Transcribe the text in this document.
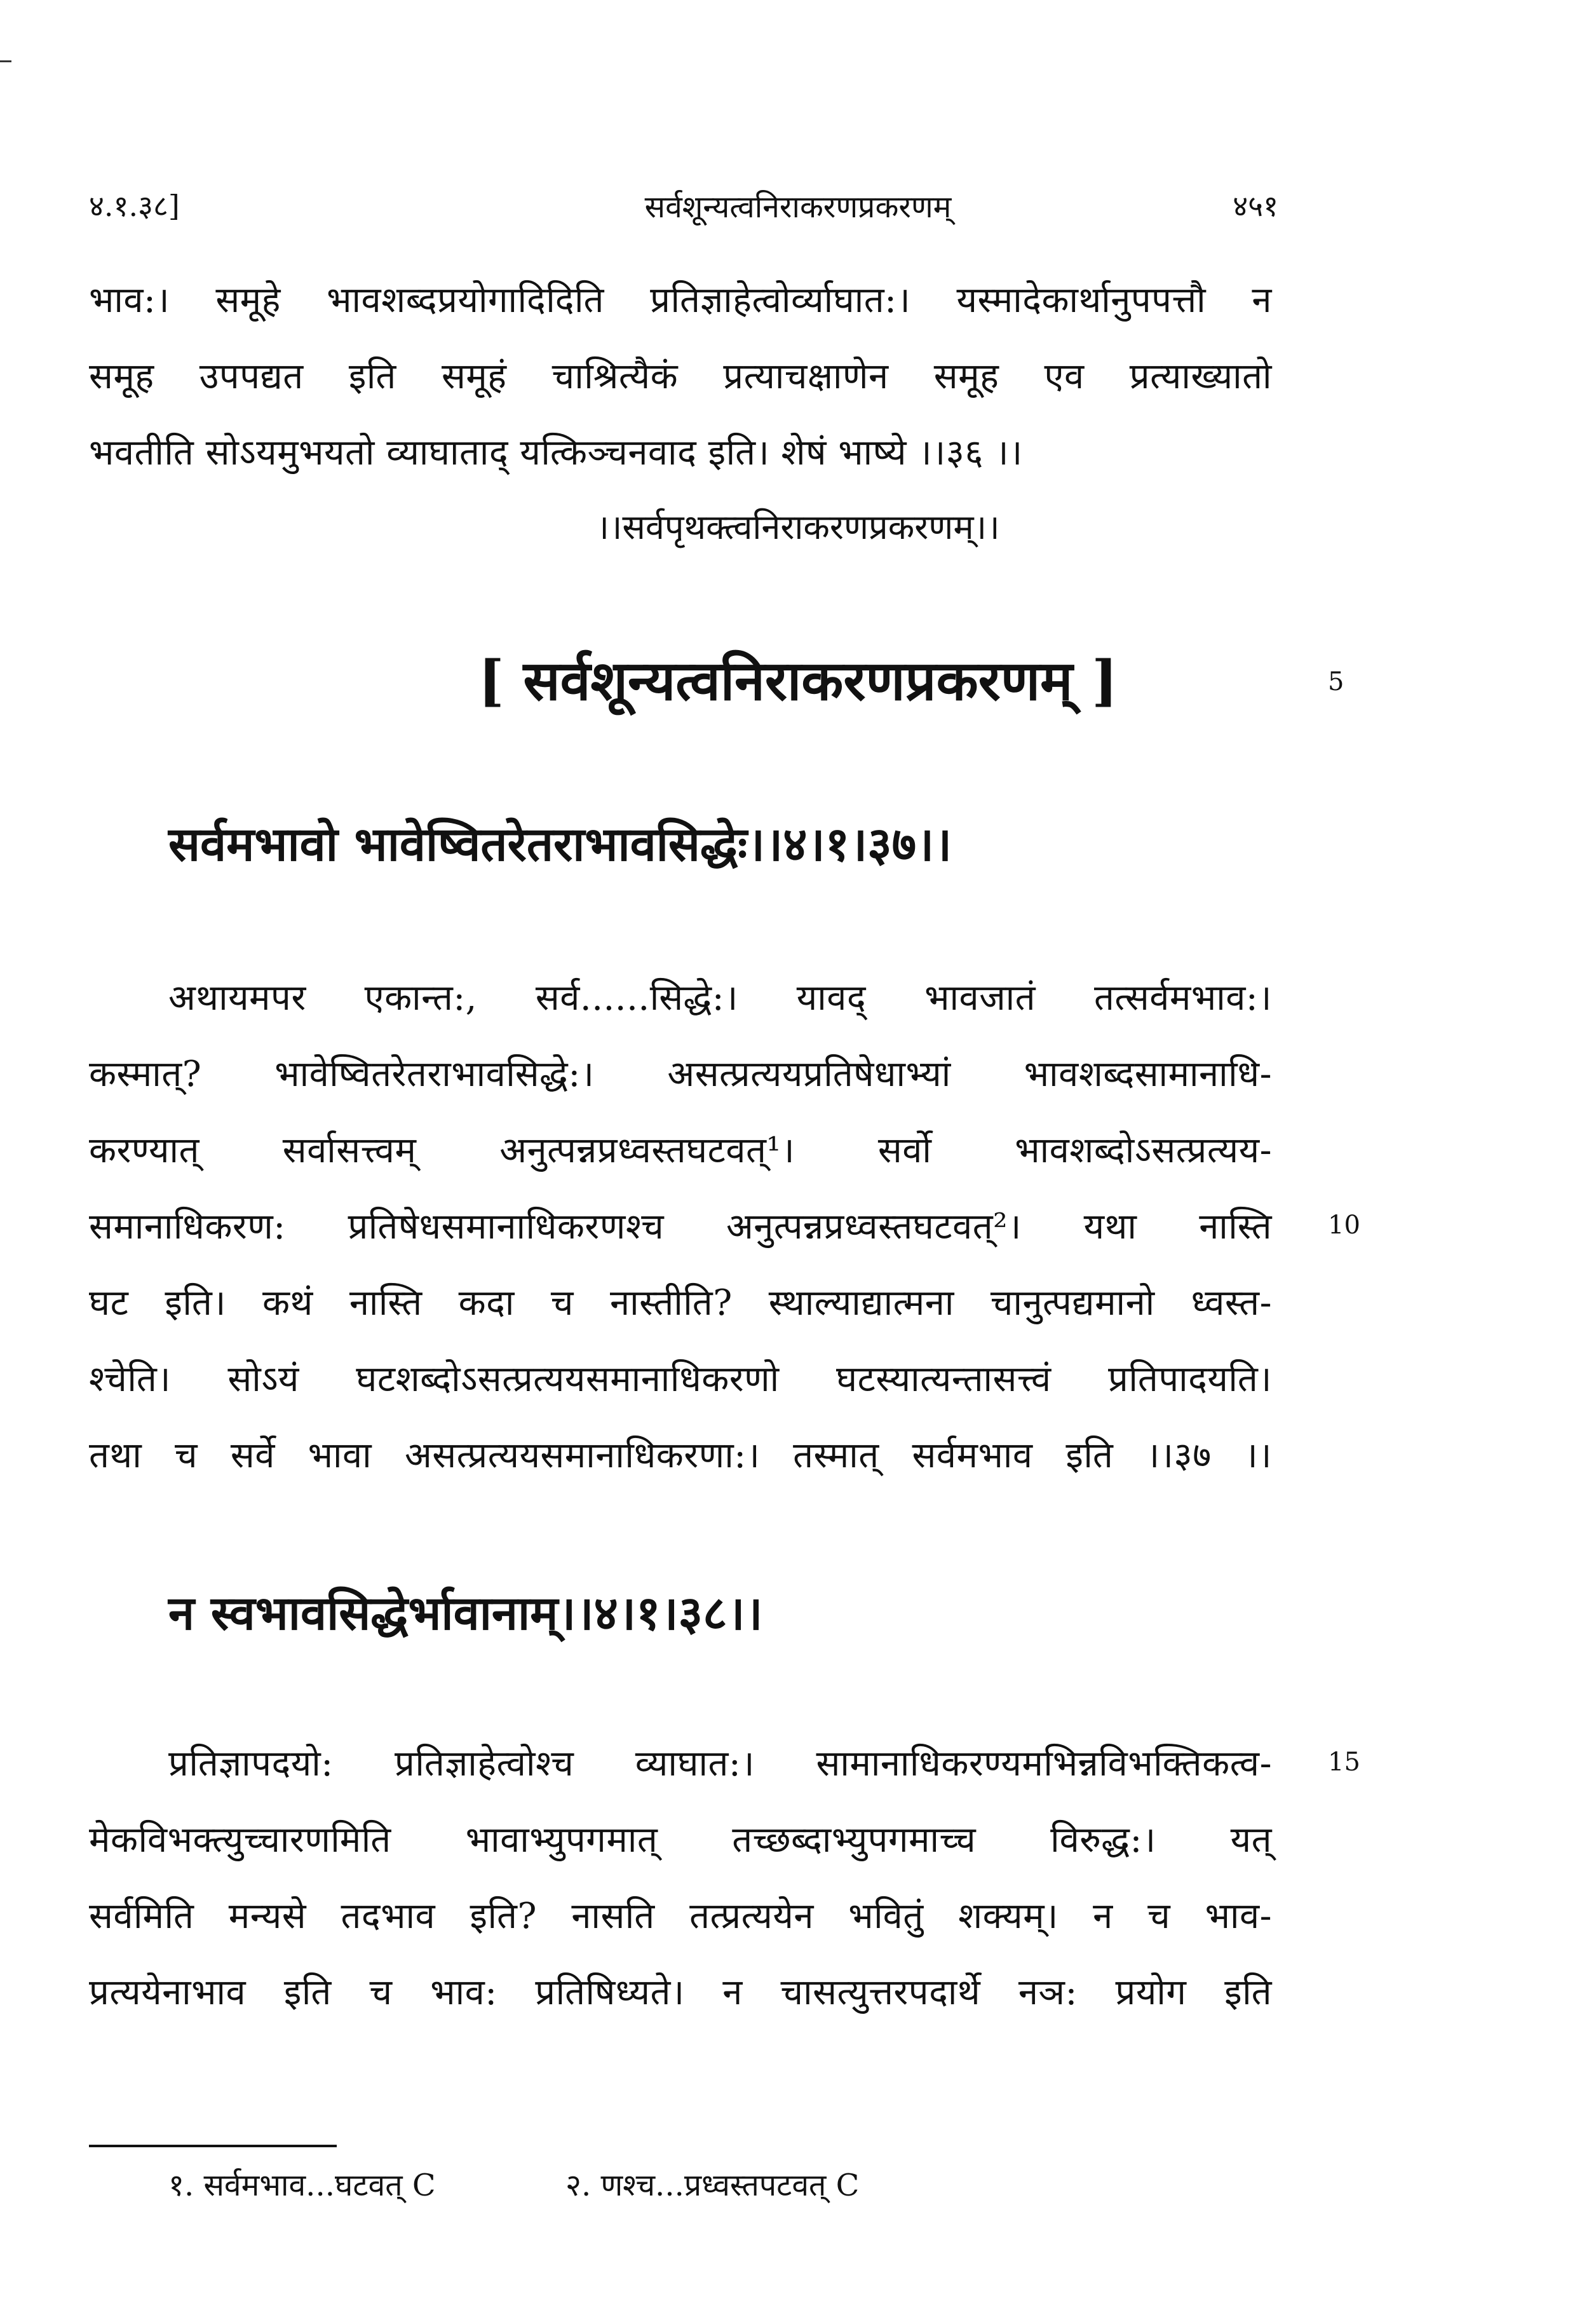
४.१.३८]	सर्वशून्यत्वनिराकरणप्रकरणम्	४५१
भाव:। समूहे भावशब्दप्रयोगादिदिति प्रतिज्ञाहेत्वोर्व्याघात:। यस्मादेकार्थानुपपत्तौ न
समूह उपपद्यत इति समूहं चाश्रित्यैकं प्रत्याचक्षाणेन समूह एव प्रत्याख्यातो
भवतीति सोऽयमुभयतो व्याघाताद् यत्किञ्चनवाद इति। शेषं भाष्ये ।।३६ ।।
।।सर्वपृथक्त्वनिराकरणप्रकरणम्।।
[ सर्वशून्यत्वनिराकरणप्रकरणम् ]	5
सर्वमभावो भावेष्वितरेतराभावसिद्धेः।।४।१।३७।।
अथायमपर एकान्त:, सर्व......सिद्धे:। यावद् भावजातं तत्सर्वमभाव:।
कस्मात्? भावेष्वितरेतराभावसिद्धे:। असत्प्रत्ययप्रतिषेधाभ्यां भावशब्दसामानाधि-
करण्यात् सर्वासत्त्वम् अनुत्पन्नप्रध्वस्तघटवत्¹। सर्वो भावशब्दोऽसत्प्रत्यय-
समानाधिकरण: प्रतिषेधसमानाधिकरणश्च अनुत्पन्नप्रध्वस्तघटवत्²। यथा नास्ति 10
घट इति। कथं नास्ति कदा च नास्तीति? स्थाल्याद्यात्मना चानुत्पद्यमानो ध्वस्त-
श्चेति। सोऽयं घटशब्दोऽसत्प्रत्ययसमानाधिकरणो घटस्यात्यन्तासत्त्वं प्रतिपादयति।
तथा च सर्वे भावा असत्प्रत्ययसमानाधिकरणा:। तस्मात् सर्वमभाव इति ।।३७ ।।
न स्वभावसिद्धेर्भावानाम्।।४।१।३८।।
प्रतिज्ञापदयो: प्रतिज्ञाहेत्वोश्च व्याघात:। सामानाधिकरण्यमभिन्नविभक्तिकत्व- 15
मेकविभक्त्युच्चारणमिति भावाभ्युपगमात् तच्छब्दाभ्युपगमाच्च विरुद्ध:। यत्
सर्वमिति मन्यसे तदभाव इति? नासति तत्प्रत्ययेन भवितुं शक्यम्। न च भाव-
प्रत्ययेनाभाव इति च भाव: प्रतिषिध्यते। न चासत्युत्तरपदार्थे नञ: प्रयोग इति
१. सर्वमभाव...घटवत् C	२. णश्च...प्रध्वस्तपटवत् C
